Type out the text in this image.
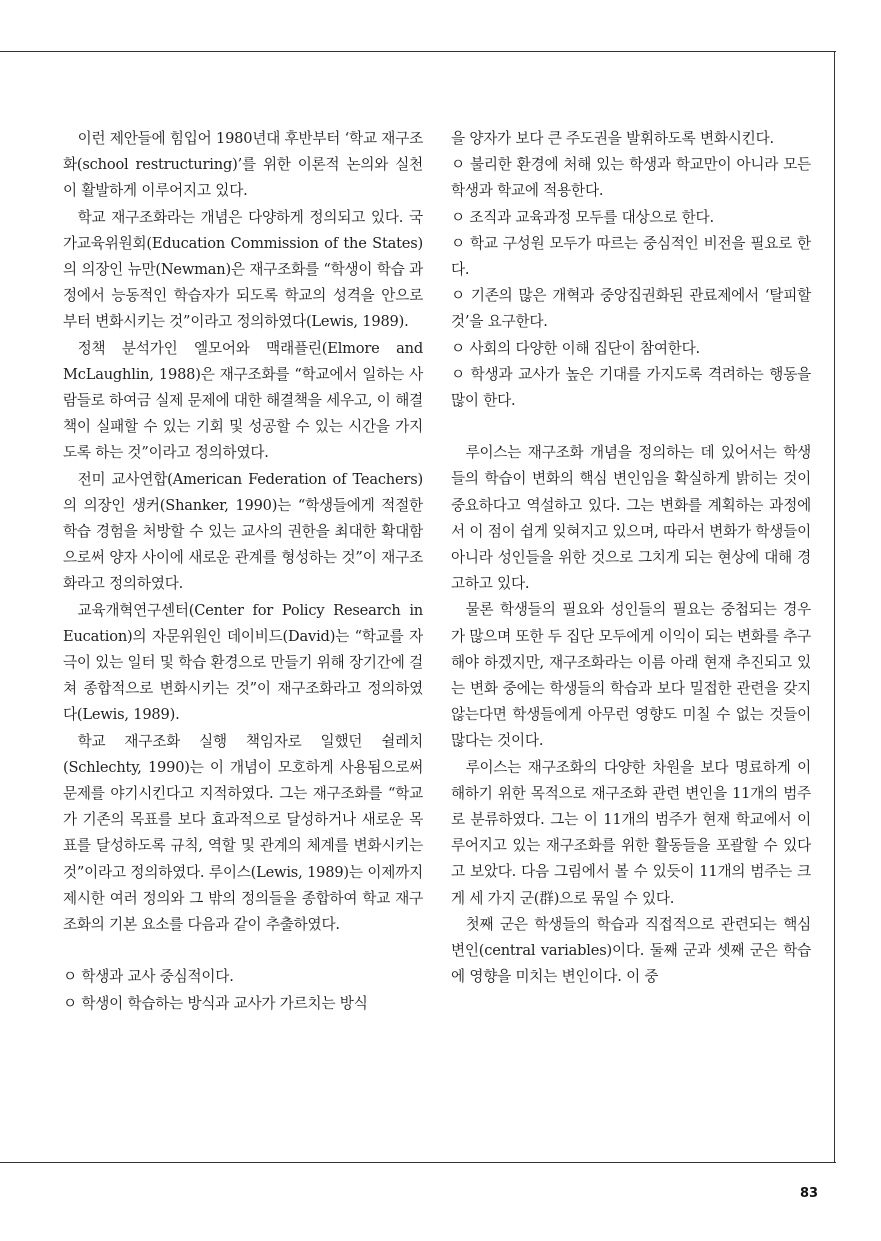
이런 제안들에 힘입어 1980년대 후반부터 ‘학교 재구조화(school restructuring)’를 위한 이론적 논의와 실천이 활발하게 이루어지고 있다.

학교 재구조화라는 개념은 다양하게 정의되고 있다. 국가교육위원회(Education Commission of the States)의 의장인 뉴만(Newman)은 재구조화를 “학생이 학습 과정에서 능동적인 학습자가 되도록 학교의 성격을 안으로부터 변화시키는 것”이라고 정의하였다(Lewis, 1989).

정책 분석가인 엘모어와 맥래플린(Elmore and McLaughlin, 1988)은 재구조화를 “학교에서 일하는 사람들로 하여금 실제 문제에 대한 해결책을 세우고, 이 해결책이 실패할 수 있는 기회 및 성공할 수 있는 시간을 가지도록 하는 것”이라고 정의하였다.

전미 교사연합(American Federation of Teachers)의 의장인 생커(Shanker, 1990)는 “학생들에게 적절한 학습 경험을 처방할 수 있는 교사의 권한을 최대한 확대함으로써 양자 사이에 새로운 관계를 형성하는 것”이 재구조화라고 정의하였다.

교육개혁연구센터(Center for Policy Research in Eucation)의 자문위원인 데이비드(David)는 “학교를 자극이 있는 일터 및 학습 환경으로 만들기 위해 장기간에 걸쳐 종합적으로 변화시키는 것”이 재구조화라고 정의하였다(Lewis, 1989).

학교 재구조화 실행 책임자로 일했던 쉴레치(Schlechty, 1990)는 이 개념이 모호하게 사용됨으로써 문제를 야기시킨다고 지적하였다. 그는 재구조화를 “학교가 기존의 목표를 보다 효과적으로 달성하거나 새로운 목표를 달성하도록 규칙, 역할 및 관계의 체계를 변화시키는 것”이라고 정의하였다. 루이스(Lewis, 1989)는 이제까지 제시한 여러 정의와 그 밖의 정의들을 종합하여 학교 재구조화의 기본 요소를 다음과 같이 추출하였다.

ㅇ 학생과 교사 중심적이다.

ㅇ 학생이 학습하는 방식과 교사가 가르치는 방식

을 양자가 보다 큰 주도권을 발휘하도록 변화시킨다.

ㅇ 불리한 환경에 처해 있는 학생과 학교만이 아니라 모든 학생과 학교에 적용한다.

ㅇ 조직과 교육과정 모두를 대상으로 한다.

ㅇ 학교 구성원 모두가 따르는 중심적인 비전을 필요로 한다.

ㅇ 기존의 많은 개혁과 중앙집권화된 관료제에서 ‘탈피할 것’을 요구한다.

ㅇ 사회의 다양한 이해 집단이 참여한다.

ㅇ 학생과 교사가 높은 기대를 가지도록 격려하는 행동을 많이 한다.

루이스는 재구조화 개념을 정의하는 데 있어서는 학생들의 학습이 변화의 핵심 변인임을 확실하게 밝히는 것이 중요하다고 역설하고 있다. 그는 변화를 계획하는 과정에서 이 점이 쉽게 잊혀지고 있으며, 따라서 변화가 학생들이 아니라 성인들을 위한 것으로 그치게 되는 현상에 대해 경고하고 있다.

물론 학생들의 필요와 성인들의 필요는 중첩되는 경우가 많으며 또한 두 집단 모두에게 이익이 되는 변화를 추구해야 하겠지만, 재구조화라는 이름 아래 현재 추진되고 있는 변화 중에는 학생들의 학습과 보다 밀접한 관련을 갖지 않는다면 학생들에게 아무런 영향도 미칠 수 없는 것들이 많다는 것이다.

루이스는 재구조화의 다양한 차원을 보다 명료하게 이해하기 위한 목적으로 재구조화 관련 변인을 11개의 범주로 분류하였다. 그는 이 11개의 범주가 현재 학교에서 이루어지고 있는 재구조화를 위한 활동들을 포괄할 수 있다고 보았다. 다음 그림에서 볼 수 있듯이 11개의 범주는 크게 세 가지 군(群)으로 묶일 수 있다.

첫째 군은 학생들의 학습과 직접적으로 관련되는 핵심 변인(central variables)이다. 둘째 군과 셋째 군은 학습에 영향을 미치는 변인이다. 이 중

83
